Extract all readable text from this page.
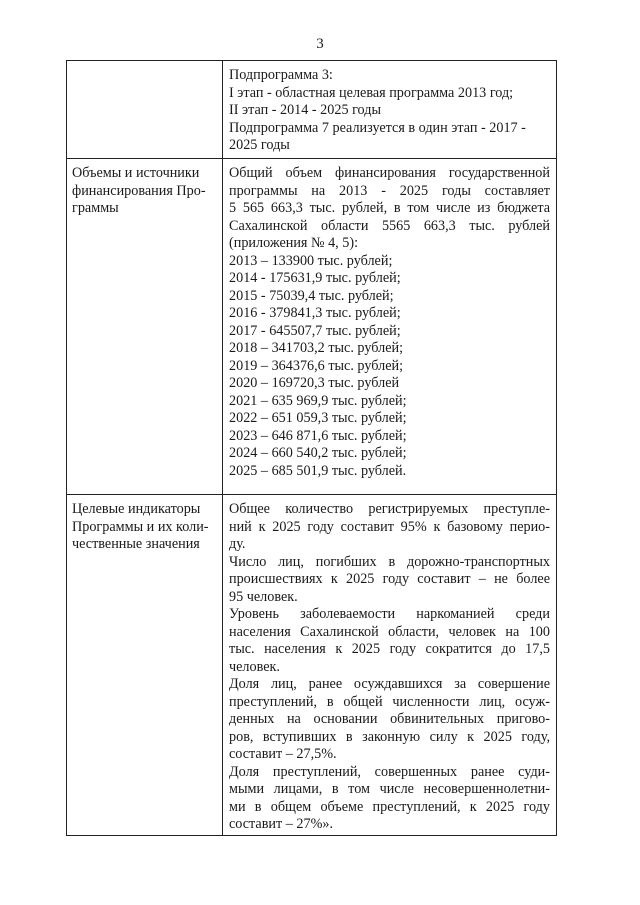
3
Подпрограмма 3:
I этап - областная целевая программа 2013 год;
II этап - 2014 - 2025 годы
Подпрограмма 7 реализуется в один этап - 2017 -
2025 годы
Объемы и источники
финансирования Про-
граммы
Общий объем финансирования государственной
программы на 2013 - 2025 годы составляет
5 565 663,3 тыс. рублей, в том числе из бюджета
Сахалинской области 5565 663,3 тыс. рублей
(приложения № 4, 5):
2013 – 133900 тыс. рублей;
2014 - 175631,9 тыс. рублей;
2015 - 75039,4 тыс. рублей;
2016 - 379841,3 тыс. рублей;
2017 - 645507,7 тыс. рублей;
2018 – 341703,2 тыс. рублей;
2019 – 364376,6 тыс. рублей;
2020 – 169720,3 тыс. рублей
2021 – 635 969,9 тыс. рублей;
2022 – 651 059,3 тыс. рублей;
2023 – 646 871,6 тыс. рублей;
2024 – 660 540,2 тыс. рублей;
2025 – 685 501,9 тыс. рублей.
Целевые индикаторы
Программы и их коли-
чественные значения
Общее количество регистрируемых преступле-
ний к 2025 году составит 95% к базовому перио-
ду.
Число лиц, погибших в дорожно-транспортных
происшествиях к 2025 году составит – не более
95 человек.
Уровень заболеваемости наркоманией среди
населения Сахалинской области, человек на 100
тыс. населения к 2025 году сократится до 17,5
человек.
Доля лиц, ранее осуждавшихся за совершение
преступлений, в общей численности лиц, осуж-
денных на основании обвинительных пригово-
ров, вступивших в законную силу к 2025 году,
составит – 27,5%.
Доля преступлений, совершенных ранее суди-
мыми лицами, в том числе несовершеннолетни-
ми в общем объеме преступлений, к 2025 году
составит – 27%».
